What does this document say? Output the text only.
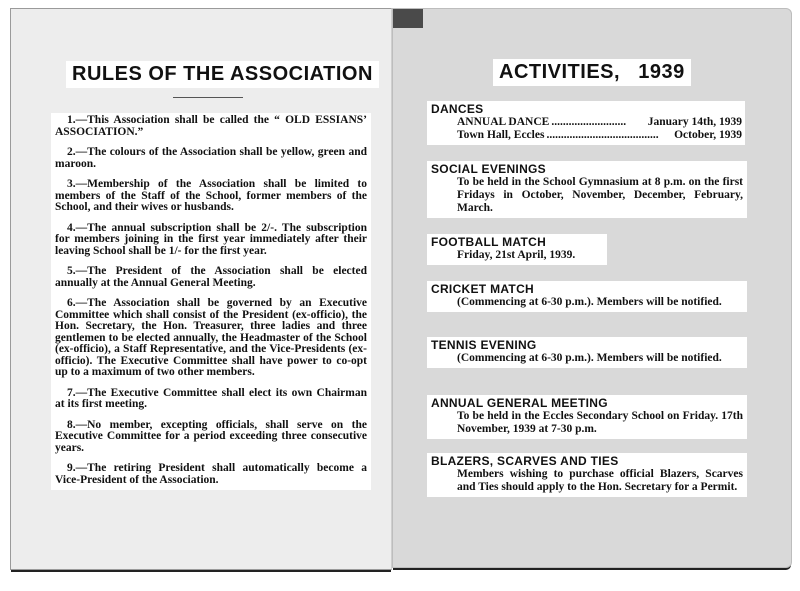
RULES OF THE ASSOCIATION

1.—This Association shall be called the “ OLD ESSIANS’ ASSOCIATION.”

2.—The colours of the Association shall be yellow, green and maroon.

3.—Membership of the Association shall be limited to members of the Staff of the School, former members of the School, and their wives or husbands.

4.—The annual subscription shall be 2/-. The subscription for members joining in the first year immediately after their leaving School shall be 1/- for the first year.

5.—The President of the Association shall be elected annually at the Annual General Meeting.

6.—The Association shall be governed by an Executive Committee which shall consist of the President (ex-officio), the Hon. Secretary, the Hon. Treasurer, three ladies and three gentlemen to be elected annually, the Headmaster of the School (ex-officio), a Staff Representative, and the Vice-Presidents (ex-officio). The Executive Committee shall have power to co-opt up to a maximum of two other members.

7.—The Executive Committee shall elect its own Chairman at its first meeting.

8.—No member, excepting officials, shall serve on the Executive Committee for a period exceeding three consecutive years.

9.—The retiring President shall automatically become a Vice-President of the Association.

ACTIVITIES,   1939
DANCES
ANNUAL DANCE ..........................	January 14th, 1939
Town Hall, Eccles .......................................	October, 1939
SOCIAL EVENINGS
To be held in the School Gymnasium at 8 p.m. on the first Fridays in October, November, December, February, March.
FOOTBALL MATCH
Friday, 21st April, 1939.
CRICKET MATCH
(Commencing at 6-30 p.m.). Members will be notified.
TENNIS EVENING
(Commencing at 6-30 p.m.). Members will be notified.
ANNUAL GENERAL MEETING
To be held in the Eccles Secondary School on Friday. 17th November, 1939 at 7-30 p.m.
BLAZERS, SCARVES AND TIES
Members wishing to purchase official Blazers, Scarves and Ties should apply to the Hon. Secretary for a Permit.
